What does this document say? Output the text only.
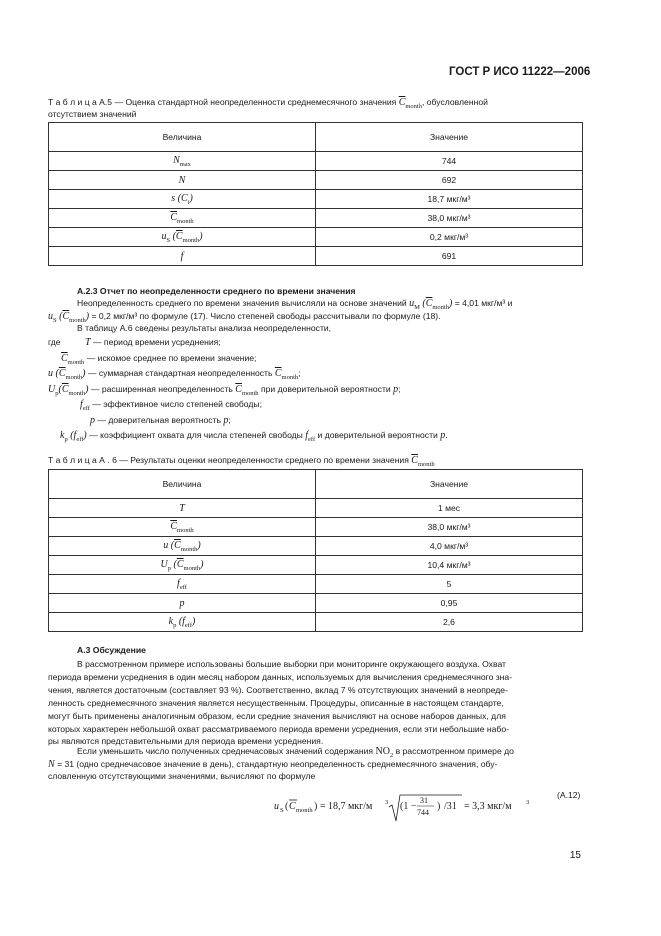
ГОСТ Р ИСО 11222—2006
Т а б л и ц а А.5 — Оценка стандартной неопределенности среднемесячного значения $\overline{C}_{month}$, обусловленной
отсутствием значений
Величина	Значение
$N_{max}$	744
N	692
s $(C_i)$	18,7 мкг/м³
$\overline{C}_{month}$	38,0 мкг/м³
$u_S$ $(\overline{C}_{month})$	0,2 мкг/м³
f	691
А.2.3 Отчет по неопределенности среднего по времени значения
Неопределенность среднего по времени значения вычисляли на основе значений $u_M$ $(\overline{C}_{month}) = 4,01$ мкг/м³ и
$u_S$ $(\overline{C}_{month}) = 0,2$ мкг/м³ по формуле (17). Число степеней свободы рассчитывали по формуле (18).
В таблицу А.6 сведены результаты анализа неопределенности,
где T — период времени усреднения;
$\overline{C}_{month}$ — искомое среднее по времени значение;
u $(\overline{C}_{month})$ — суммарная стандартная неопределенность $\overline{C}_{month}$;
$U_p(\overline{C}_{month})$ — расширенная неопределенность $\overline{C}_{month}$ при доверительной вероятности p;
$f_{eff}$ — эффективное число степеней свободы;
p — доверительная вероятность p;
$k_p$ $(f_{eff})$ — коэффициент охвата для числа степеней свободы $f_{eff}$ и доверительной вероятности p.
Т а б л и ц а А . 6 — Результаты оценки неопределенности среднего по времени значения $\overline{C}_{month}$
Величина	Значение
T	1 мес
$\overline{C}_{month}$	38,0 мкг/м³
u $(\overline{C}_{month})$	4,0 мкг/м³
$U_p$ $(\overline{C}_{month})$	10,4 мкг/м³
$f_{eff}$	5
p	0,95
$k_p$ $(f_{eff})$	2,6
А.3 Обсуждение
В рассмотренном примере использованы большие выборки при мониторинге окружающего воздуха. Охват
периода времени усреднения в один месяц набором данных, используемых для вычисления среднемесячного зна-
чения, является достаточным (составляет 93 %). Соответственно, вклад 7 % отсутствующих значений в неопреде-
ленность среднемесячного значения является несущественным. Процедуры, описанные в настоящем стандарте,
могут быть применены аналогичным образом, если средние значения вычисляют на основе наборов данных, для
которых характерен небольшой охват рассматриваемого периода времени усреднения, если эти небольшие набо-
ры являются представительными для периода времени усреднения.
Если уменьшить число полученных среднечасовых значений содержания $NO_2$ в рассмотренном примере до
N = 31 (одно среднечасовое значение в день), стандартную неопределенность среднемесячного значения, обу-
словленную отсутствующими значениями, вычисляют по формуле
u S ( C month ) = 18,7 мкг/м 3 (1 −
31
744
) /31 = 3,3 мкг/м 3
(А.12)
15
